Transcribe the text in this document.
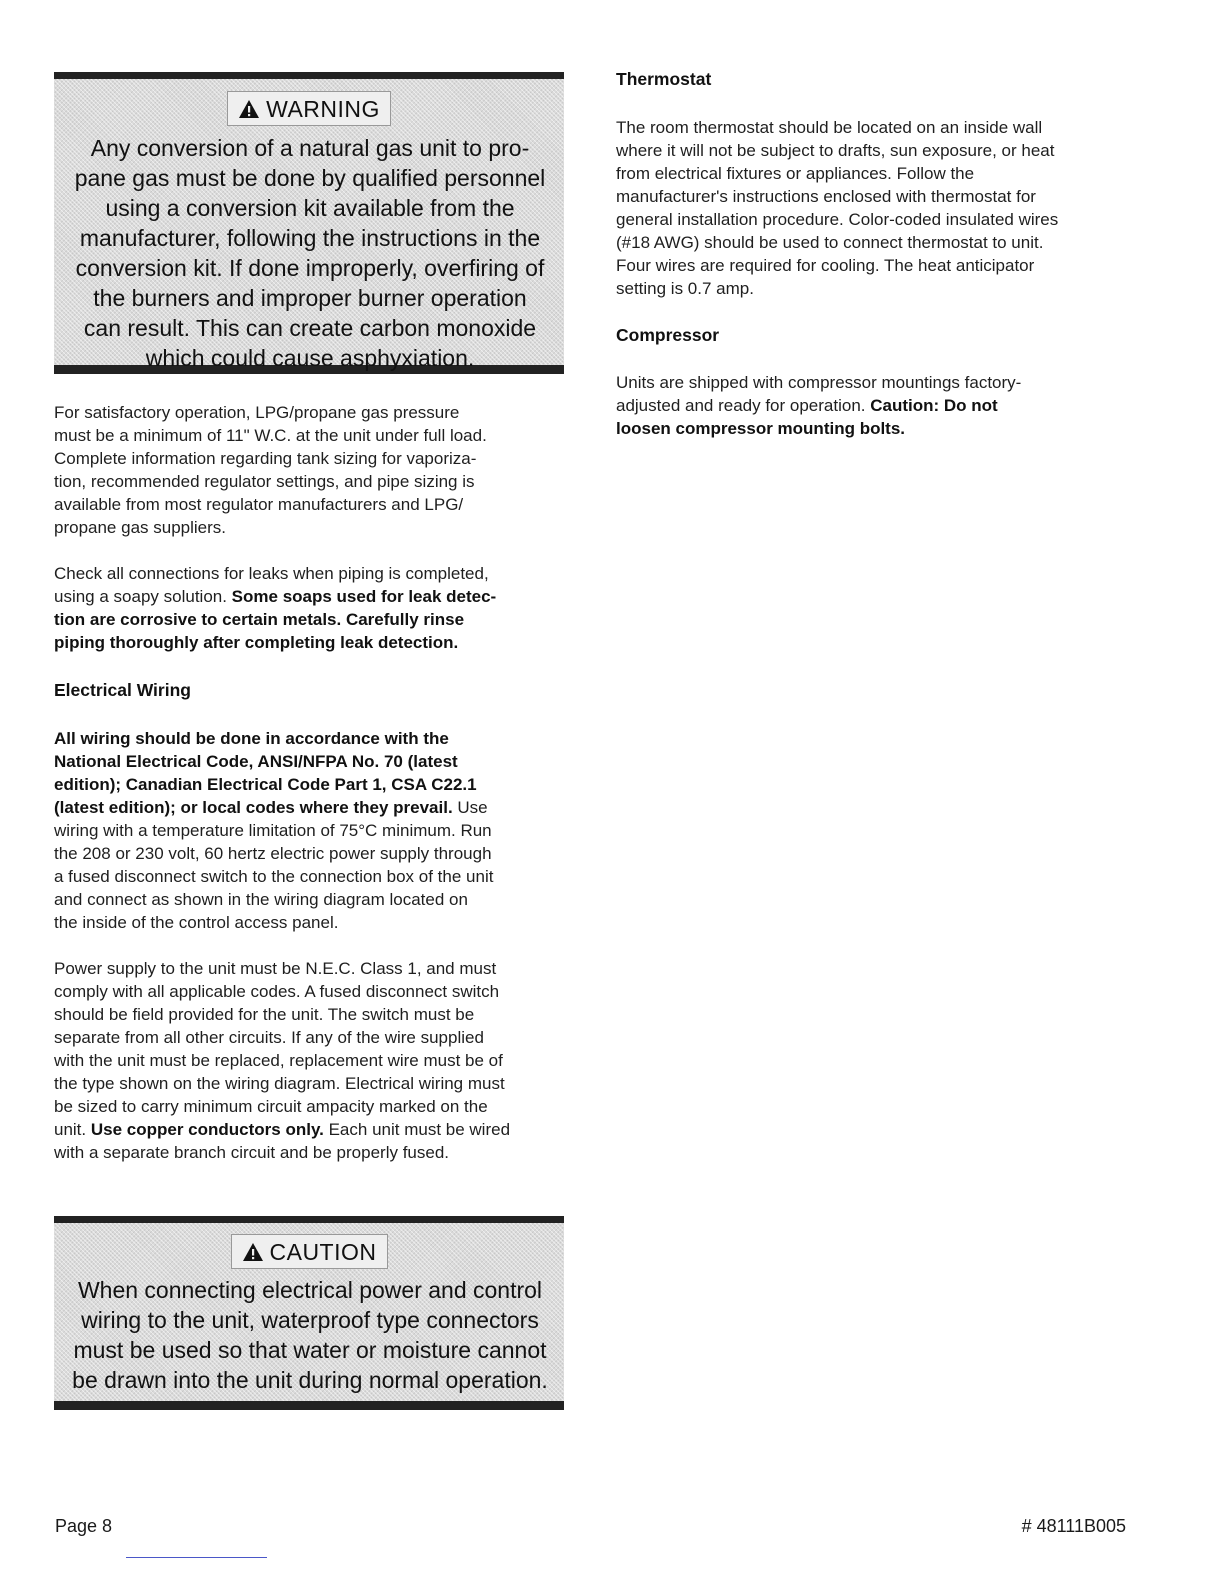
WARNING
Any conversion of a natural gas unit to pro-
pane gas must be done by qualified personnel
using a conversion kit available from the
manufacturer, following the instructions in the
conversion kit. If done improperly, overfiring of
the burners and improper burner operation
can result. This can create carbon monoxide
which could cause asphyxiation.

For satisfactory operation, LPG/propane gas pressure
must be a minimum of 11" W.C. at the unit under full load.
Complete information regarding tank sizing for vaporiza-
tion, recommended regulator settings, and pipe sizing is
available from most regulator manufacturers and LPG/
propane gas suppliers.

Check all connections for leaks when piping is completed,
using a soapy solution. Some soaps used for leak detec-
tion are corrosive to certain metals. Carefully rinse
piping thoroughly after completing leak detection.

Electrical Wiring

All wiring should be done in accordance with the
National Electrical Code, ANSI/NFPA No. 70 (latest
edition); Canadian Electrical Code Part 1, CSA C22.1
(latest edition); or local codes where they prevail. Use
wiring with a temperature limitation of 75°C minimum. Run
the 208 or 230 volt, 60 hertz electric power supply through
a fused disconnect switch to the connection box of the unit
and connect as shown in the wiring diagram located on
the inside of the control access panel.

Power supply to the unit must be N.E.C. Class 1, and must
comply with all applicable codes. A fused disconnect switch
should be field provided for the unit. The switch must be
separate from all other circuits. If any of the wire supplied
with the unit must be replaced, replacement wire must be of
the type shown on the wiring diagram. Electrical wiring must
be sized to carry minimum circuit ampacity marked on the
unit. Use copper conductors only. Each unit must be wired
with a separate branch circuit and be properly fused.

CAUTION
When connecting electrical power and control
wiring to the unit, waterproof type connectors
must be used so that water or moisture cannot
be drawn into the unit during normal operation.
Thermostat

The room thermostat should be located on an inside wall
where it will not be subject to drafts, sun exposure, or heat
from electrical fixtures or appliances. Follow the
manufacturer's instructions enclosed with thermostat for
general installation procedure. Color-coded insulated wires
(#18 AWG) should be used to connect thermostat to unit.
Four wires are required for cooling. The heat anticipator
setting is 0.7 amp.

Compressor

Units are shipped with compressor mountings factory-
adjusted and ready for operation. Caution: Do not
loosen compressor mounting bolts.

Page 8	# 48111B005
